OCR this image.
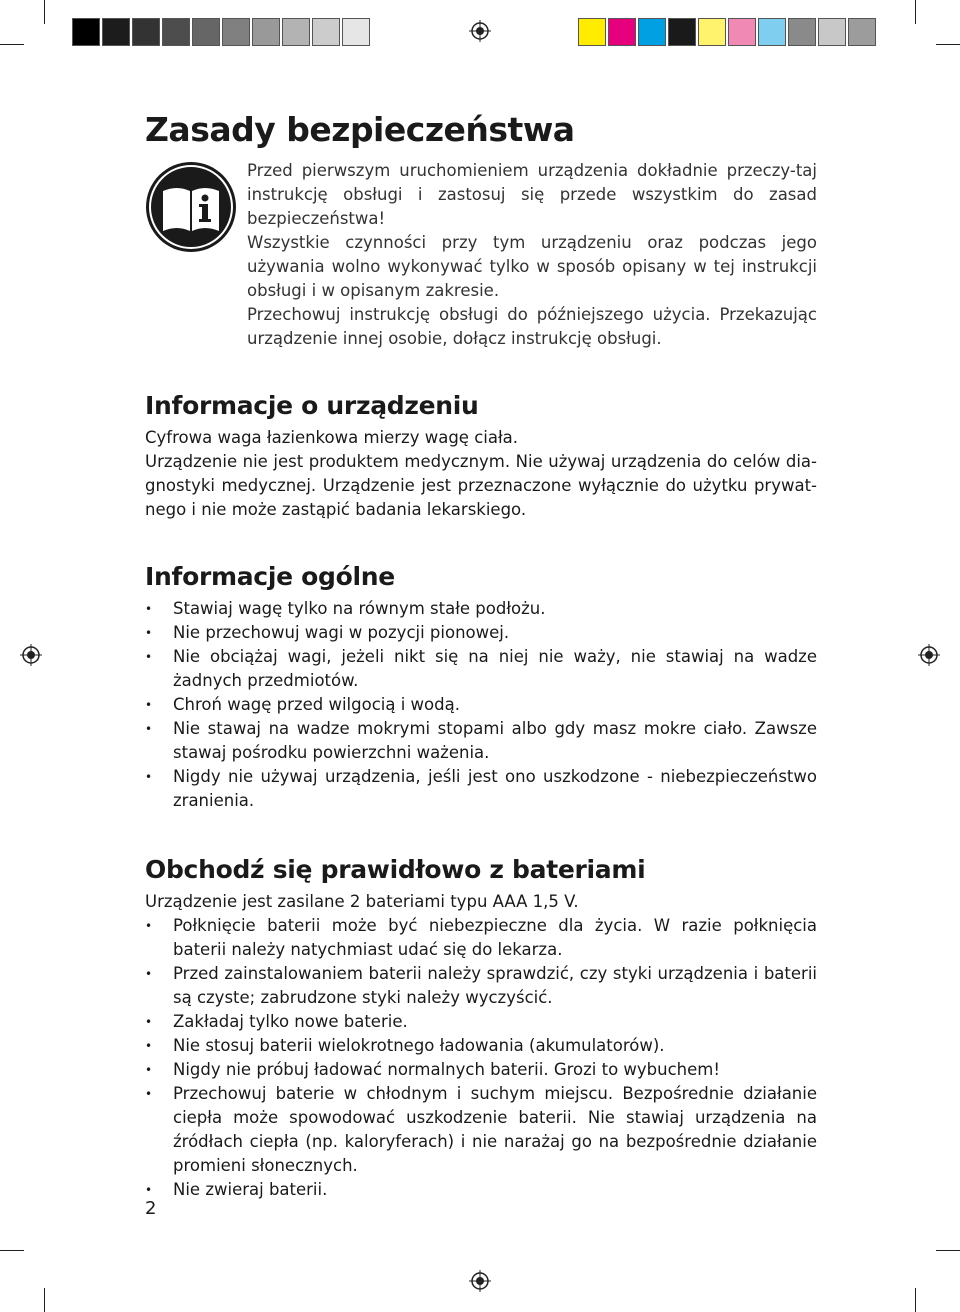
Zasady bezpieczeństwa

Przed pierwszym uruchomieniem urządzenia dokładnie przeczy-taj instrukcję obsługi i zastosuj się przede wszystkim do zasad bezpieczeństwa!

Wszystkie czynności przy tym urządzeniu oraz podczas jego używania wolno wykonywać tylko w sposób opisany w tej instrukcji obsługi i w opisanym zakresie.

Przechowuj instrukcję obsługi do późniejszego użycia. Przekazując urządzenie innej osobie, dołącz instrukcję obsługi.

Informacje o urządzeniu

Cyfrowa waga łazienkowa mierzy wagę ciała.

Urządzenie nie jest produktem medycznym. Nie używaj urządzenia do celów dia-gnostyki medycznej. Urządzenie jest przeznaczone wyłącznie do użytku prywat-nego i nie może zastąpić badania lekarskiego.

Informacje ogólne
• Stawiaj wagę tylko na równym stałe podłożu.
• Nie przechowuj wagi w pozycji pionowej.
• Nie obciążaj wagi, jeżeli nikt się na niej nie waży, nie stawiaj na wadze żadnych przedmiotów.
• Chroń wagę przed wilgocią i wodą.
• Nie stawaj na wadze mokrymi stopami albo gdy masz mokre ciało. Zawsze stawaj pośrodku powierzchni ważenia.
• Nigdy nie używaj urządzenia, jeśli jest ono uszkodzone - niebezpieczeństwo zranienia.
Obchodź się prawidłowo z bateriami

Urządzenie jest zasilane 2 bateriami typu AAA 1,5 V.

• Połknięcie baterii może być niebezpieczne dla życia. W razie połknięcia baterii należy natychmiast udać się do lekarza.
• Przed zainstalowaniem baterii należy sprawdzić, czy styki urządzenia i baterii są czyste; zabrudzone styki należy wyczyścić.
• Zakładaj tylko nowe baterie.
• Nie stosuj baterii wielokrotnego ładowania (akumulatorów).
• Nigdy nie próbuj ładować normalnych baterii. Grozi to wybuchem!
• Przechowuj baterie w chłodnym i suchym miejscu. Bezpośrednie działanie ciepła może spowodować uszkodzenie baterii. Nie stawiaj urządzenia na źródłach ciepła (np. kaloryferach) i nie narażaj go na bezpośrednie działanie promieni słonecznych.
• Nie zwieraj baterii.
2
